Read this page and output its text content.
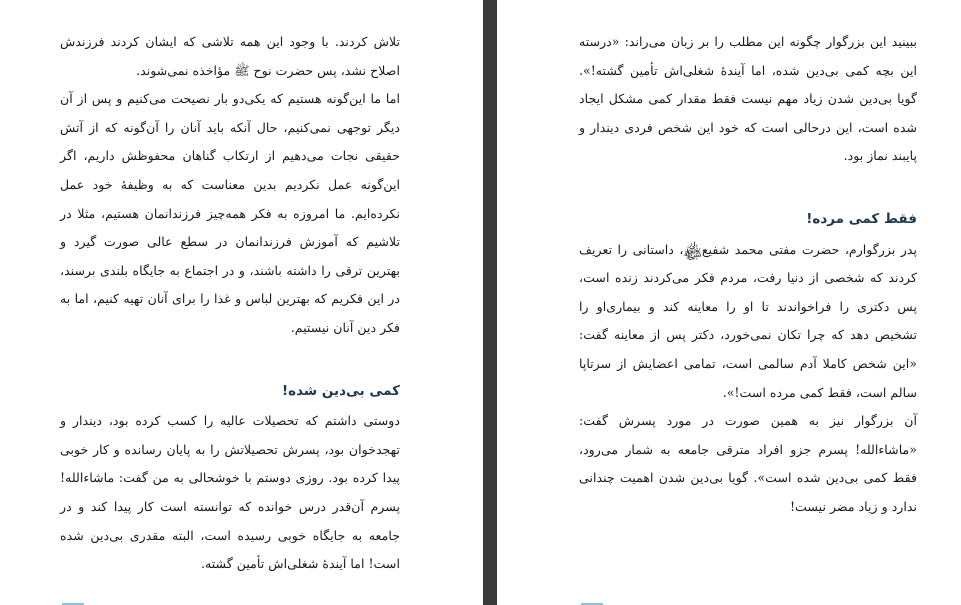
تلاش کردند. با وجود این همه تلاشی که ایشان کردند فرزندش اصلاح نشد، پس حضرت نوح ﷺ مؤاخذه نمی‌شوند.

اما ما این‌گونه هستیم که یکی‌دو بار نصیحت می‌کنیم و پس از آن دیگر توجهی نمی‌کنیم، حال آنکه باید آنان را آن‌گونه که از آتش حقیقی نجات می‌دهیم از ارتکاب گناهان محفوظش داریم، اگر این‌گونه عمل نکردیم بدین معناست که به وظیفهٔ خود عمل نکرده‌ایم. ما امروزه به فکر همه‌چیز فرزندانمان هستیم، مثلا در تلاشیم که آموزش فرزندانمان در سطع عالی صورت گیرد و بهترین ترقی را داشته باشند، و در اجتماع به جایگاه بلندی برسند، در این فکریم که بهترین لباس و غذا را برای آنان تهیه کنیم، اما به فکر دین آنان نیستیم.

کمی بی‌دین شده!

دوستی داشتم که تحصیلات عالیه را کسب کرده بود، دیندار و تهجدخوان بود، پسرش تحصیلاتش را به پایان رسانده و کار خوبی پیدا کرده بود. روزی دوستم با خوشحالی به من گفت: ماشاءالله! پسرم آن‌قدر درس خوانده که توانسته است کار پیدا کند و در جامعه به جایگاه خوبی رسیده است، البته مقدری بی‌دین شده است! اما آیندهٔ شغلی‌اش تأمین گشته.

ببینید این بزرگوار چگونه این مطلب را بر زبان می‌راند: «درسته این بچه کمی بی‌دین شده، اما آیندهٔ شغلی‌اش تأمین گشته!». گویا بی‌دین شدن زیاد مهم نیست فقط مقدار کمی مشکل ایجاد شده است، این درحالی است که خود این شخص فردی دیندار و پایبند نماز بود.

فقط کمی مرده!

پدر بزرگوارم، حضرت مفتی محمد شفیع‌﷾، داستانی را تعریف کردند که شخصی از دنیا رفت، مردم فکر می‌کردند زنده است، پس دکتری را فراخواندند تا او را معاینه کند و بیماری‌او را تشخیص دهد که چرا تکان نمی‌خورد، دکتر پس از معاینه گفت: «این شخص کاملا آدم سالمی است، تمامی اعضایش از سرتاپا سالم است، فقط کمی مرده است!».

آن بزرگوار نیز به همین صورت در مورد پسرش گفت: «ماشاءالله! پسرم جزو افراد مترقی جامعه به شمار می‌رود، فقط کمی بی‌دین شده است». گویا بی‌دین شدن اهمیت چندانی ندارد و زیاد مضر نیست!
